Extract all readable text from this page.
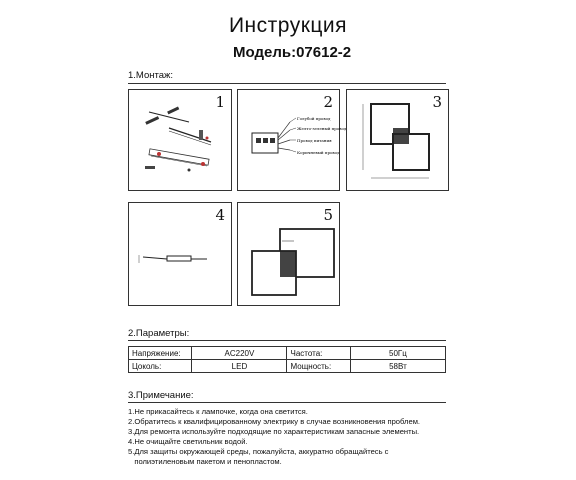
Инструкция
Модель:07612-2
1.Монтаж:
1	2
Голубой провод
Желто-зеленый провод
Провод питания
Коричневый провод
3
4	5
2.Параметры:
Напряжение:	AC220V	Частота:	50Гц
Цоколь:	LED	Мощность:	58Вт
3.Примечание:
1.Не прикасайтесь к лампочке, когда она светится.
2.Обратитесь к квалифицированному электрику в случае возникновения проблем.
3.Для ремонта используйте подходящие по характеристикам запасные элементы.
4.Не очищайте светильник водой.
5.Для защиты окружающей среды, пожалуйста, аккуратно обращайтесь с
полиэтиленовым пакетом и пенопластом.
